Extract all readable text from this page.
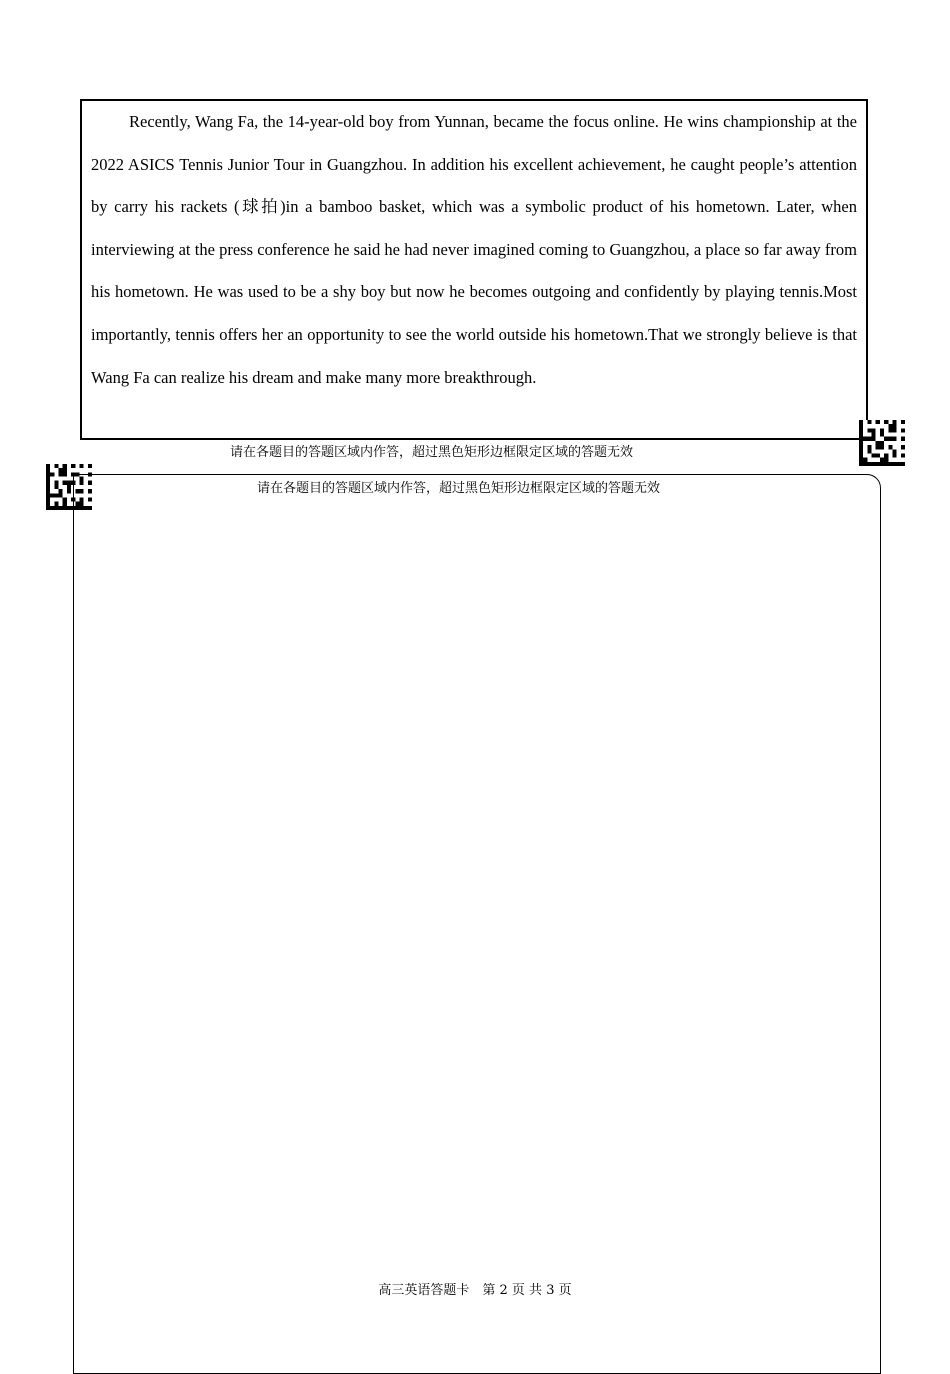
Recently, Wang Fa, the 14-year-old boy from Yunnan, became the focus online. He wins championship at the 2022 ASICS Tennis Junior Tour in Guangzhou. In addition his excellent achievement, he caught people’s attention by carry his rackets (球拍)in a bamboo basket, which was a symbolic product of his hometown. Later, when interviewing at the press conference he said he had never imagined coming to Guangzhou, a place so far away from his hometown. He was used to be a shy boy but now he becomes outgoing and confidently by playing tennis.Most importantly, tennis offers her an opportunity to see the world outside his hometown.That we strongly believe is that Wang Fa can realize his dream and make many more breakthrough.

请在各题目的答题区域内作答，超过黑色矩形边框限定区域的答题无效
请在各题目的答题区域内作答，超过黑色矩形边框限定区域的答题无效
高三英语答题卡　第 2 页 共 3 页
